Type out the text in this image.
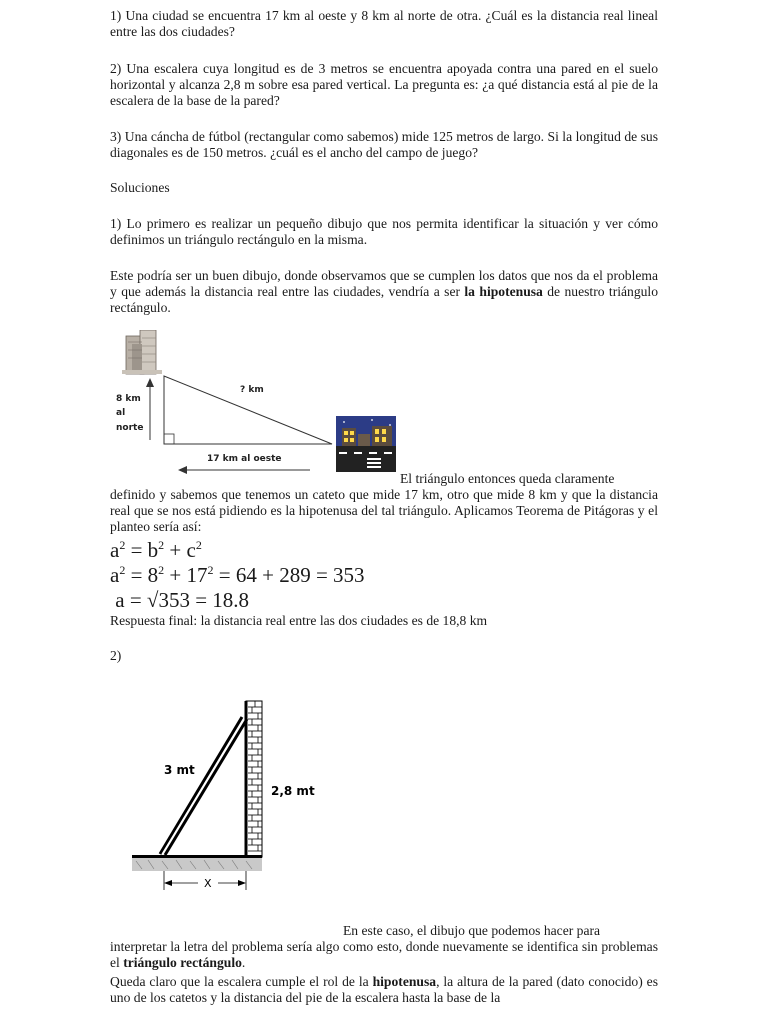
1) Una ciudad se encuentra 17 km al oeste y 8 km al norte de otra. ¿Cuál es la distancia real lineal entre las dos ciudades?

2) Una escalera cuya longitud es de 3 metros se encuentra apoyada contra una pared en el suelo horizontal y alcanza 2,8 m sobre esa pared vertical. La pregunta es: ¿a qué distancia está al pie de la escalera de la base de la pared?

3) Una cáncha de fútbol (rectangular como sabemos) mide 125 metros de largo. Si la longitud de sus diagonales es de 150 metros. ¿cuál es el ancho del campo de juego?

Soluciones

1) Lo primero es realizar un pequeño dibujo que nos permita identificar la situación y ver cómo definimos un triángulo rectángulo en la misma.

Este podría ser un buen dibujo, donde observamos que se cumplen los datos que nos da el problema y que además la distancia real entre las ciudades, vendría a ser la hipotenusa de nuestro triángulo rectángulo.

8 km
al
norte
? km
17 km al oeste

El triángulo entonces queda claramente

definido y sabemos que tenemos un cateto que mide 17 km, otro que mide 8 km y que la distancia real que se nos está pidiendo es la hipotenusa del tal triángulo. Aplicamos Teorema de Pitágoras y el planteo sería así:

$a^2 = b^2 + c^2$
$a^2 = 8^2 + 17^2 = 64 + 289 = 353$
a = √353 = 18.8

Respuesta final: la distancia real entre las dos ciudades es de 18,8 km

2)

3 mt
2,8 mt
X

En este caso, el dibujo que podemos hacer para

interpretar la letra del problema sería algo como esto, donde nuevamente se identifica sin problemas el triángulo rectángulo.

Queda claro que la escalera cumple el rol de la hipotenusa, la altura de la pared (dato conocido) es uno de los catetos y la distancia del pie de la escalera hasta la base de la
